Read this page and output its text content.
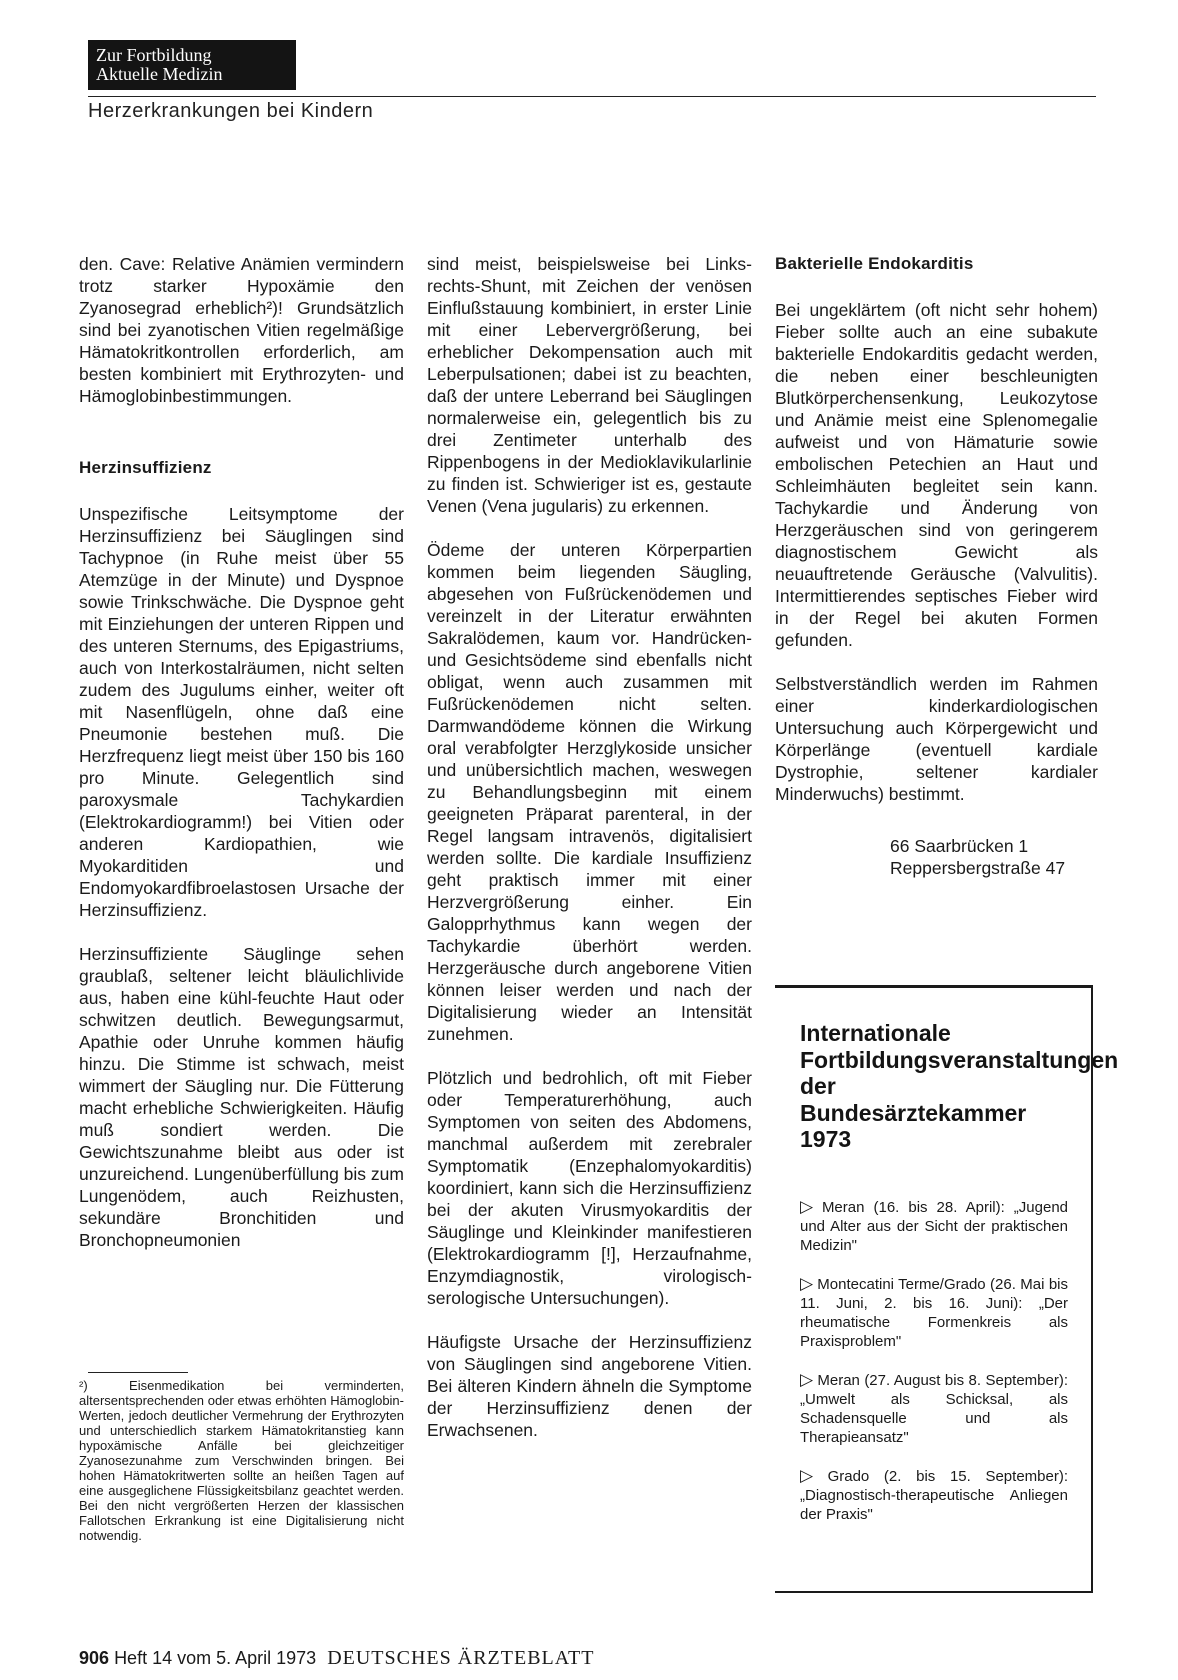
Zur Fortbildung
Aktuelle Medizin
Herzerkrankungen bei Kindern

den. Cave: Relative Anämien vermindern trotz starker Hypoxämie den Zyanosegrad erheblich²)! Grundsätzlich sind bei zyanotischen Vitien regelmäßige Hämatokritkontrollen erforderlich, am besten kombiniert mit Erythrozyten- und Hämoglobinbestimmungen.

Herzinsuffizienz

Unspezifische Leitsymptome der Herzinsuffizienz bei Säuglingen sind Tachypnoe (in Ruhe meist über 55 Atemzüge in der Minute) und Dyspnoe sowie Trinkschwäche. Die Dyspnoe geht mit Einziehungen der unteren Rippen und des unteren Sternums, des Epigastriums, auch von Interkostalräumen, nicht selten zudem des Jugulums einher, weiter oft mit Nasenflügeln, ohne daß eine Pneumonie bestehen muß. Die Herzfrequenz liegt meist über 150 bis 160 pro Minute. Gelegentlich sind paroxysmale Tachykardien (Elektrokardiogramm!) bei Vitien oder anderen Kardiopathien, wie Myokarditiden und Endomyokardfibroelastosen Ursache der Herzinsuffizienz.

Herzinsuffiziente Säuglinge sehen graublaß, seltener leicht bläulichlivide aus, haben eine kühl-feuchte Haut oder schwitzen deutlich. Bewegungsarmut, Apathie oder Unruhe kommen häufig hinzu. Die Stimme ist schwach, meist wimmert der Säugling nur. Die Fütterung macht erhebliche Schwierigkeiten. Häufig muß sondiert werden. Die Gewichtszunahme bleibt aus oder ist unzureichend. Lungenüberfüllung bis zum Lungenödem, auch Reizhusten, sekundäre Bronchitiden und Bronchopneumonien

²) Eisenmedikation bei verminderten, altersentsprechenden oder etwas erhöhten Hämoglobin-Werten, jedoch deutlicher Vermehrung der Erythrozyten und unterschiedlich starkem Hämatokritanstieg kann hypoxämische Anfälle bei gleichzeitiger Zyanosezunahme zum Verschwinden bringen. Bei hohen Hämatokritwerten sollte an heißen Tagen auf eine ausgeglichene Flüssigkeitsbilanz geachtet werden. Bei den nicht vergrößerten Herzen der klassischen Fallotschen Erkrankung ist eine Digitalisierung nicht notwendig.

sind meist, beispielsweise bei Links-rechts-Shunt, mit Zeichen der venösen Einflußstauung kombiniert, in erster Linie mit einer Lebervergrößerung, bei erheblicher Dekompensation auch mit Leberpulsationen; dabei ist zu beachten, daß der untere Leberrand bei Säuglingen normalerweise ein, gelegentlich bis zu drei Zentimeter unterhalb des Rippenbogens in der Medioklavikularlinie zu finden ist. Schwieriger ist es, gestaute Venen (Vena jugularis) zu erkennen.

Ödeme der unteren Körperpartien kommen beim liegenden Säugling, abgesehen von Fußrückenödemen und vereinzelt in der Literatur erwähnten Sakralödemen, kaum vor. Handrücken- und Gesichtsödeme sind ebenfalls nicht obligat, wenn auch zusammen mit Fußrückenödemen nicht selten. Darmwandödeme können die Wirkung oral verabfolgter Herzglykoside unsicher und unübersichtlich machen, weswegen zu Behandlungsbeginn mit einem geeigneten Präparat parenteral, in der Regel langsam intravenös, digitalisiert werden sollte. Die kardiale Insuffizienz geht praktisch immer mit einer Herzvergrößerung einher. Ein Galopprhythmus kann wegen der Tachykardie überhört werden. Herzgeräusche durch angeborene Vitien können leiser werden und nach der Digitalisierung wieder an Intensität zunehmen.

Plötzlich und bedrohlich, oft mit Fieber oder Temperaturerhöhung, auch Symptomen von seiten des Abdomens, manchmal außerdem mit zerebraler Symptomatik (Enzephalomyokarditis) koordiniert, kann sich die Herzinsuffizienz bei der akuten Virusmyokarditis der Säuglinge und Kleinkinder manifestieren (Elektrokardiogramm [!], Herzaufnahme, Enzymdiagnostik, virologisch-serologische Untersuchungen).

Häufigste Ursache der Herzinsuffizienz von Säuglingen sind angeborene Vitien. Bei älteren Kindern ähneln die Symptome der Herzinsuffizienz denen der Erwachsenen.

Bakterielle Endokarditis

Bei ungeklärtem (oft nicht sehr hohem) Fieber sollte auch an eine subakute bakterielle Endokarditis gedacht werden, die neben einer beschleunigten Blutkörperchensenkung, Leukozytose und Anämie meist eine Splenomegalie aufweist und von Hämaturie sowie embolischen Petechien an Haut und Schleimhäuten begleitet sein kann. Tachykardie und Änderung von Herzgeräuschen sind von geringerem diagnostischem Gewicht als neuauftretende Geräusche (Valvulitis). Intermittierendes septisches Fieber wird in der Regel bei akuten Formen gefunden.

Selbstverständlich werden im Rahmen einer kinderkardiologischen Untersuchung auch Körpergewicht und Körperlänge (eventuell kardiale Dystrophie, seltener kardialer Minderwuchs) bestimmt.

66 Saarbrücken 1
Reppersbergstraße 47
Internationale Fortbildungsveranstaltungen der Bundesärztekammer 1973
▷ Meran (16. bis 28. April): „Jugend und Alter aus der Sicht der praktischen Medizin"
▷ Montecatini Terme/Grado (26. Mai bis 11. Juni, 2. bis 16. Juni): „Der rheumatische Formenkreis als Praxisproblem"
▷ Meran (27. August bis 8. September): „Umwelt als Schicksal, als Schadensquelle und als Therapieansatz"
▷ Grado (2. bis 15. September): „Diagnostisch-therapeutische Anliegen der Praxis"
906 Heft 14 vom 5. April 1973 DEUTSCHES ÄRZTEBLATT
